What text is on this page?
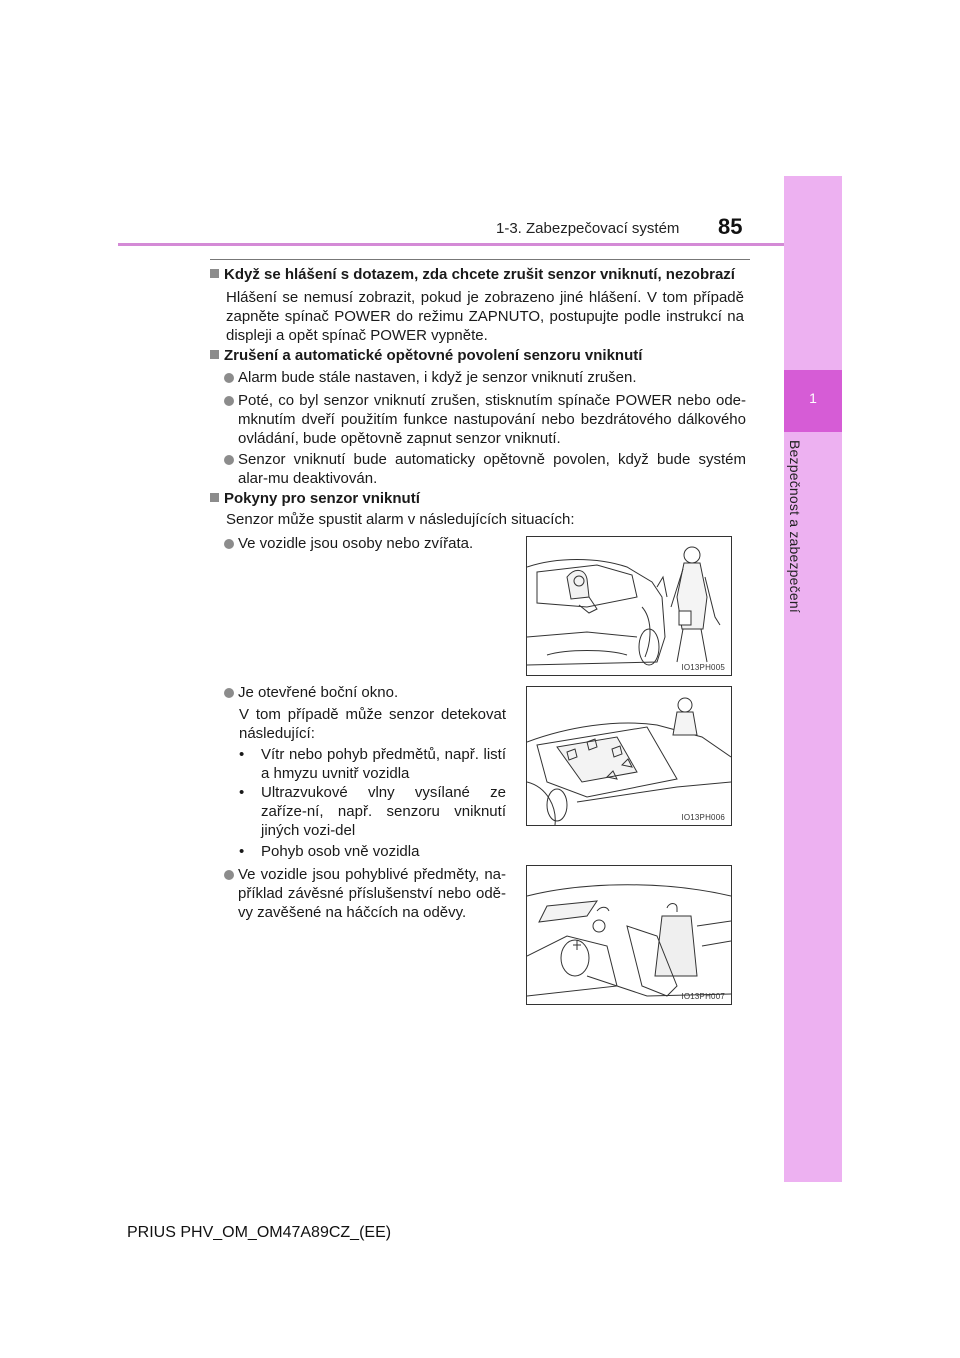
1-3. Zabezpečovací systém 85
1
Bezpečnost a zabezpečení
Když se hlášení s dotazem, zda chcete zrušit senzor vniknutí, nezobrazí
Hlášení se nemusí zobrazit, pokud je zobrazeno jiné hlášení. V tom případě zapněte spínač POWER do režimu ZAPNUTO, postupujte podle instrukcí na displeji a opět spínač POWER vypněte.
Zrušení a automatické opětovné povolení senzoru vniknutí
Alarm bude stále nastaven, i když je senzor vniknutí zrušen.
Poté, co byl senzor vniknutí zrušen, stisknutím spínače POWER nebo ode-mknutím dveří použitím funkce nastupování nebo bezdrátového dálkového ovládání, bude opětovně zapnut senzor vniknutí.
Senzor vniknutí bude automaticky opětovně povolen, když bude systém alar-mu deaktivován.
Pokyny pro senzor vniknutí
Senzor může spustit alarm v následujících situacích:
Ve vozidle jsou osoby nebo zvířata.
IO13PH005
Je otevřené boční okno.
V tom případě může senzor detekovat následující:
• Vítr nebo pohyb předmětů, např. listí a hmyzu uvnitř vozidla
• Ultrazvukové vlny vysílané ze zaříze-ní, např. senzoru vniknutí jiných vozi-del
• Pohyb osob vně vozidla
IO13PH006
Ve vozidle jsou pohyblivé předměty, na-příklad závěsné příslušenství nebo odě-vy zavěšené na háčcích na oděvy.
IO13PH007
PRIUS PHV_OM_OM47A89CZ_(EE)
